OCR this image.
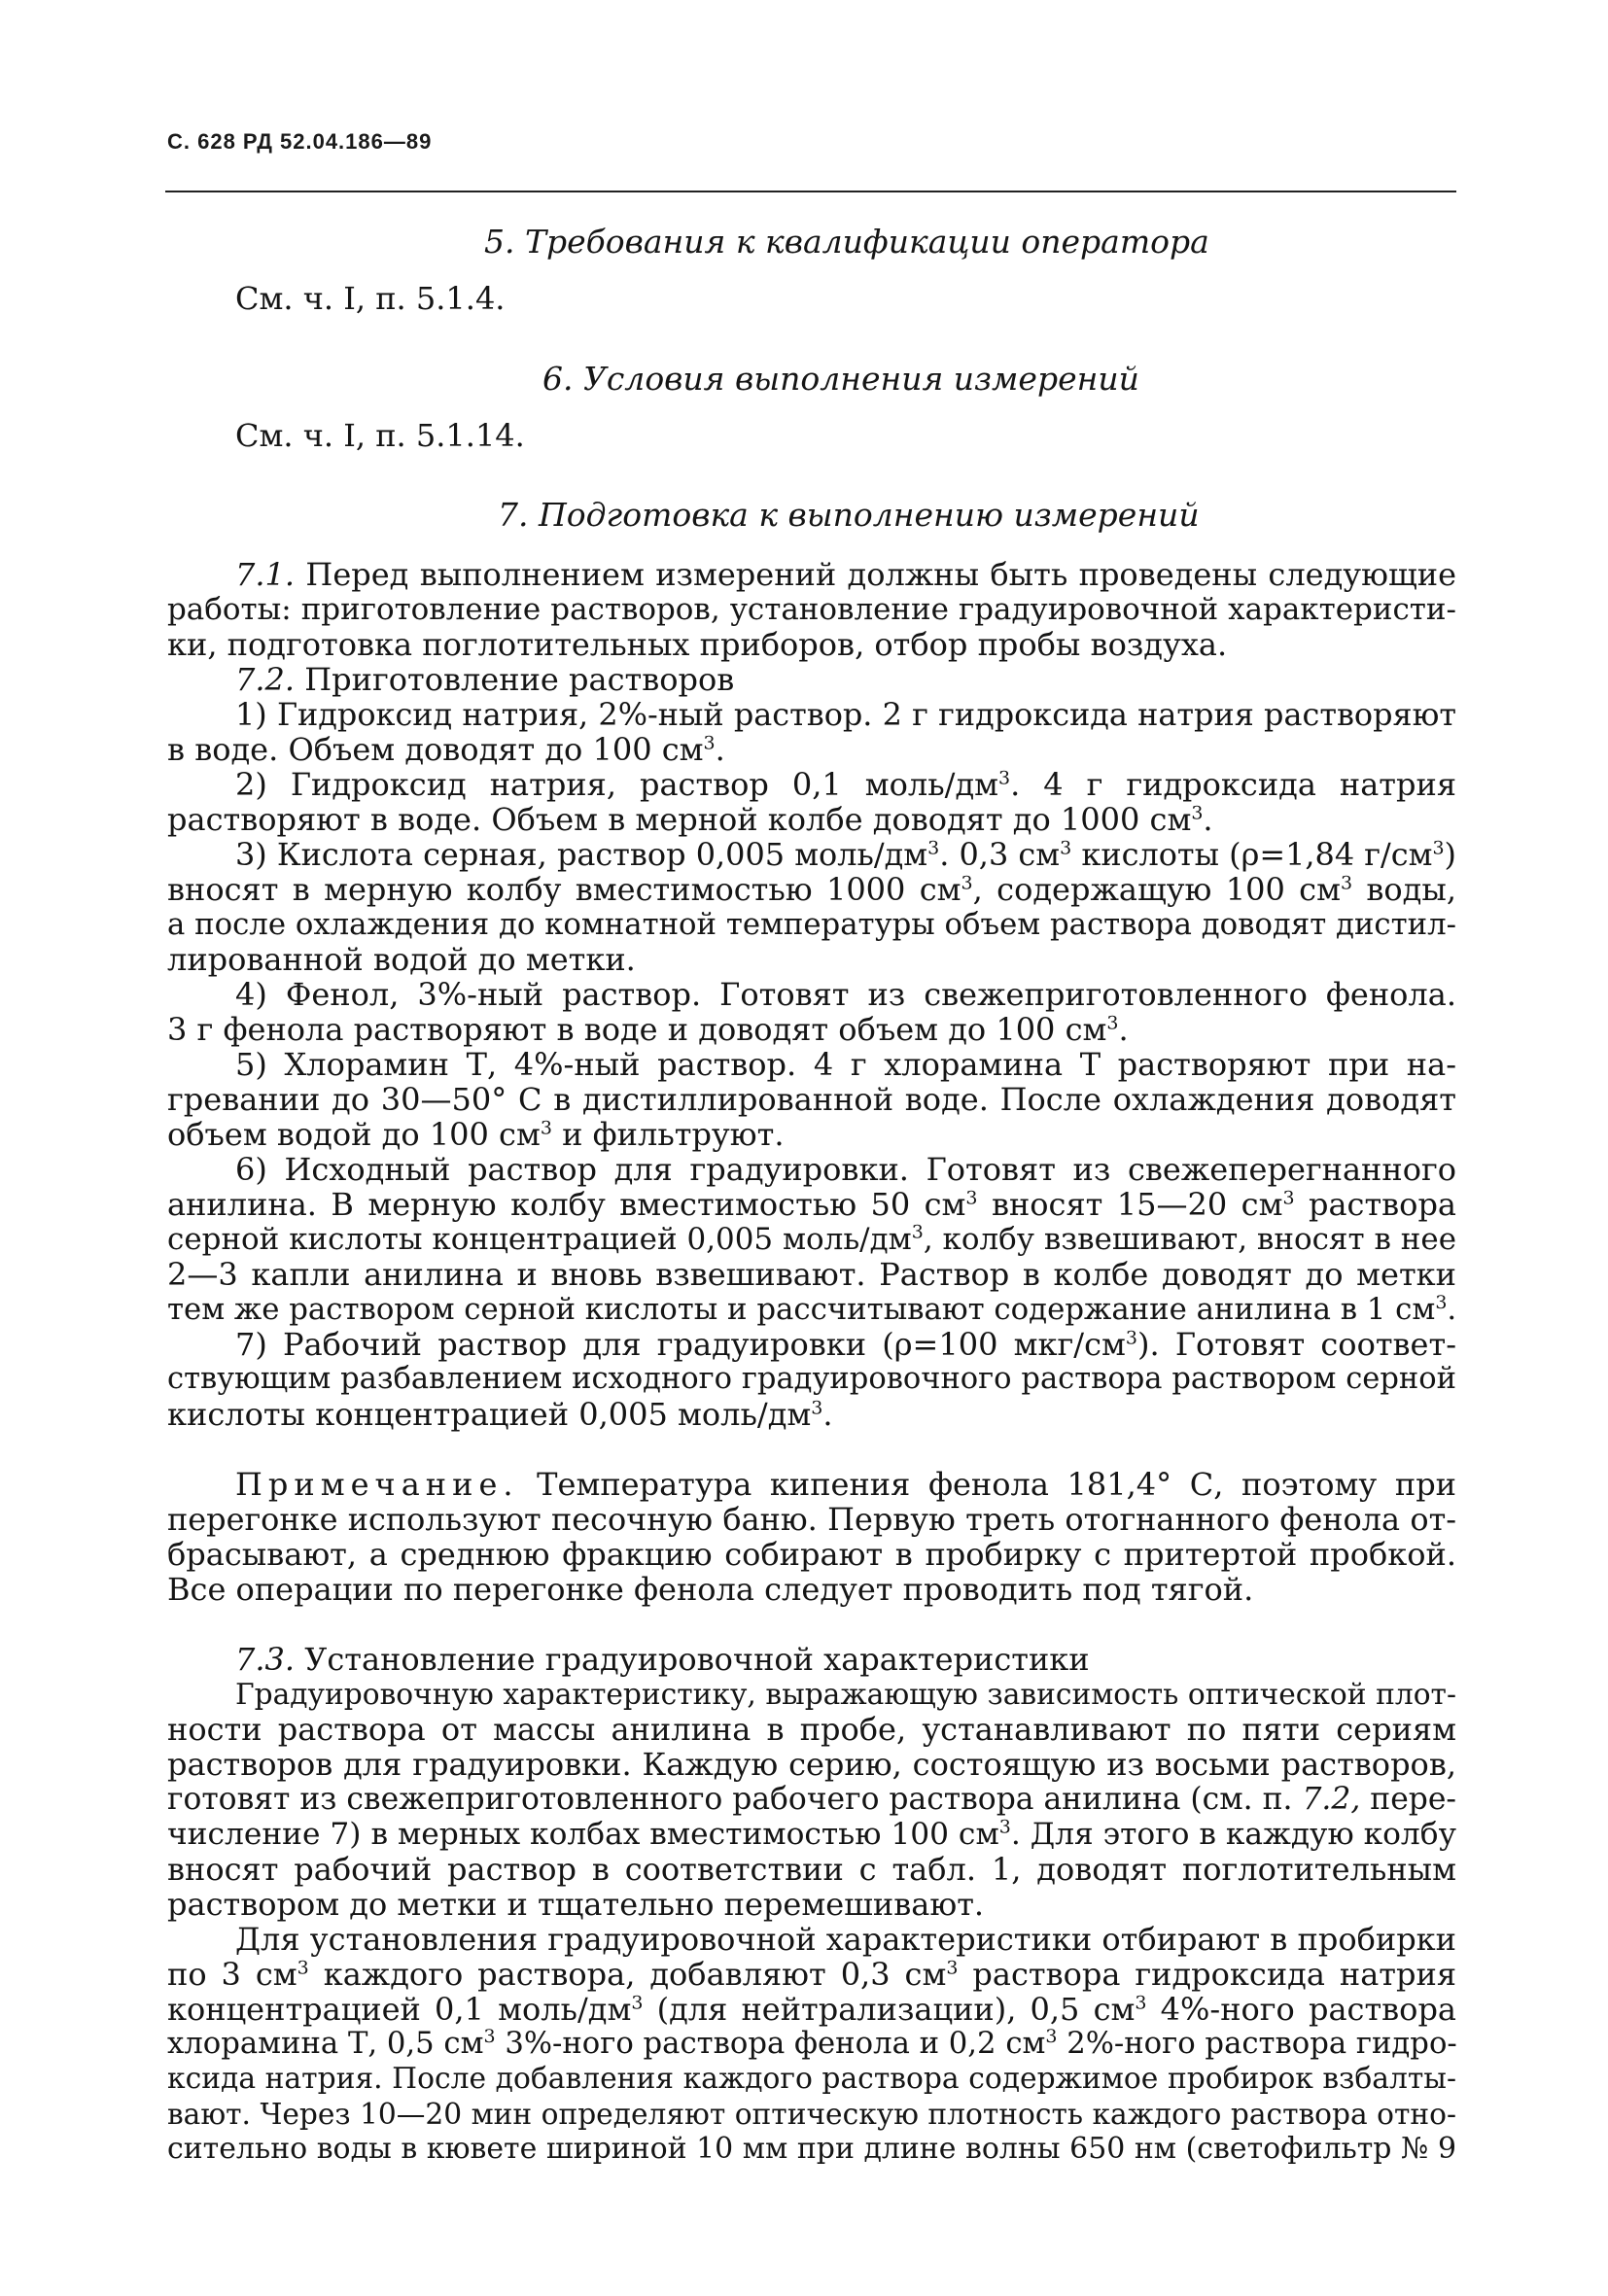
С. 628 РД 52.04.186—89
5. Требования к квалификации оператора
См. ч. I, п. 5.1.4.
6. Условия выполнения измерений
См. ч. I, п. 5.1.14.
7. Подготовка к выполнению измерений
7.1. Перед выполнением измерений должны быть проведены следующие
работы: приготовление растворов, установление градуировочной характеристи-
ки, подготовка поглотительных приборов, отбор пробы воздуха.
7.2. Приготовление растворов
1) Гидроксид натрия, 2%-ный раствор. 2 г гидроксида натрия растворяют
в воде. Объем доводят до 100 $см^3$.
2) Гидроксид натрия, раствор 0,1 моль/$дм^3$. 4 г гидроксида натрия
растворяют в воде. Объем в мерной колбе доводят до 1000 $см^3$.
3) Кислота серная, раствор 0,005 моль/$дм^3$. 0,3 $см^3$ кислоты (ρ=1,84 $г/см^3$)
вносят в мерную колбу вместимостью 1000 $см^3$, содержащую 100 $см^3$ воды,
а после охлаждения до комнатной температуры объем раствора доводят дистил-
лированной водой до метки.
4) Фенол, 3%-ный раствор. Готовят из свежеприготовленного фенола.
3 г фенола растворяют в воде и доводят объем до 100 $см^3$.
5) Хлорамин Т, 4%-ный раствор. 4 г хлорамина Т растворяют при на-
гревании до 30—50° С в дистиллированной воде. После охлаждения доводят
объем водой до 100 $см^3$ и фильтруют.
6) Исходный раствор для градуировки. Готовят из свежеперегнанного
анилина. В мерную колбу вместимостью 50 $см^3$ вносят 15—20 $см^3$ раствора
серной кислоты концентрацией 0,005 моль/$дм^3$, колбу взвешивают, вносят в нее
2—3 капли анилина и вновь взвешивают. Раствор в колбе доводят до метки
тем же раствором серной кислоты и рассчитывают содержание анилина в 1 $см^3$.
7) Рабочий раствор для градуировки (ρ=100 мкг/$см^3$). Готовят соответ-
ствующим разбавлением исходного градуировочного раствора раствором серной
кислоты концентрацией 0,005 моль/$дм^3$.
Примечание. Температура кипения фенола 181,4° С, поэтому при
перегонке используют песочную баню. Первую треть отогнанного фенола от-
брасывают, а среднюю фракцию собирают в пробирку с притертой пробкой.
Все операции по перегонке фенола следует проводить под тягой.
7.3. Установление градуировочной характеристики
Градуировочную характеристику, выражающую зависимость оптической плот-
ности раствора от массы анилина в пробе, устанавливают по пяти сериям
растворов для градуировки. Каждую серию, состоящую из восьми растворов,
готовят из свежеприготовленного рабочего раствора анилина (см. п. 7.2, пере-
числение 7) в мерных колбах вместимостью 100 $см^3$. Для этого в каждую колбу
вносят рабочий раствор в соответствии с табл. 1, доводят поглотительным
раствором до метки и тщательно перемешивают.
Для установления градуировочной характеристики отбирают в пробирки
по 3 $см^3$ каждого раствора, добавляют 0,3 $см^3$ раствора гидроксида натрия
концентрацией 0,1 моль/$дм^3$ (для нейтрализации), 0,5 $см^3$ 4%-ного раствора
хлорамина Т, 0,5 $см^3$ 3%-ного раствора фенола и 0,2 $см^3$ 2%-ного раствора гидро-
ксида натрия. После добавления каждого раствора содержимое пробирок взбалты-
вают. Через 10—20 мин определяют оптическую плотность каждого раствора отно-
сительно воды в кювете шириной 10 мм при длине волны 650 нм (светофильтр № 9
